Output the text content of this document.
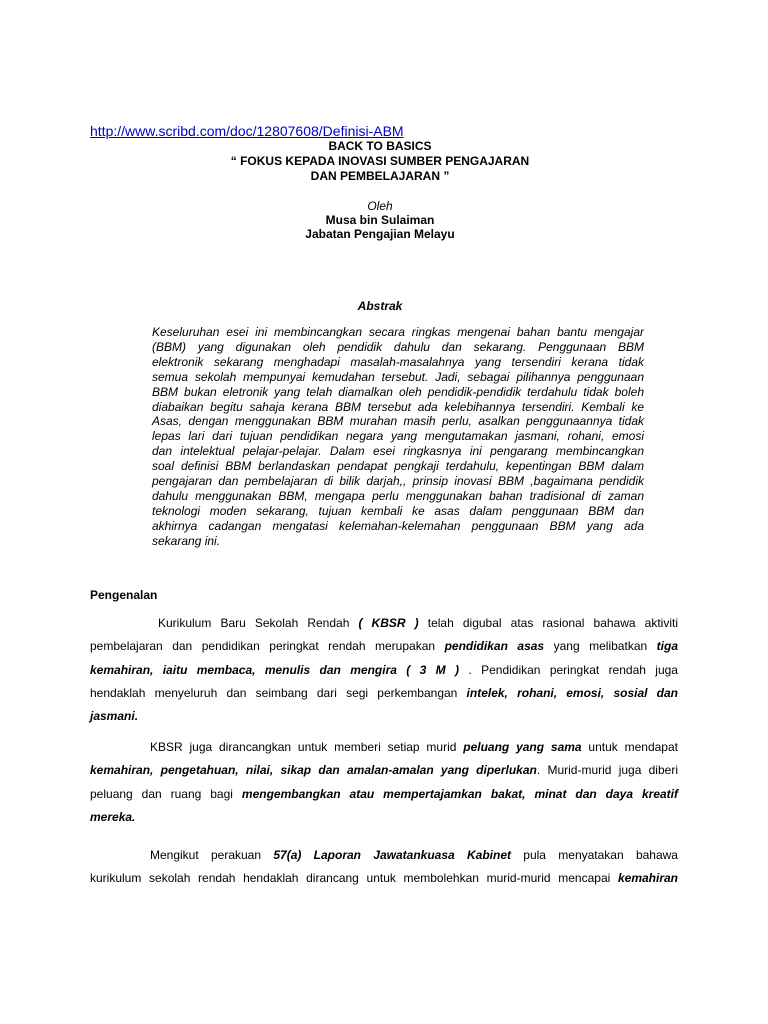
http://www.scribd.com/doc/12807608/Definisi-ABM
BACK TO BASICS
“ FOKUS KEPADA INOVASI SUMBER PENGAJARAN
DAN PEMBELAJARAN ”
Oleh
Musa bin Sulaiman
Jabatan Pengajian Melayu
Abstrak
Keseluruhan esei ini membincangkan secara ringkas mengenai bahan bantu mengajar
(BBM) yang digunakan oleh pendidik dahulu dan sekarang. Penggunaan BBM
elektronik sekarang menghadapi masalah-masalahnya yang tersendiri kerana tidak
semua sekolah mempunyai kemudahan tersebut. Jadi, sebagai pilihannya penggunaan
BBM bukan eletronik yang telah diamalkan oleh pendidik-pendidik terdahulu tidak boleh
diabaikan begitu sahaja kerana BBM tersebut ada kelebihannya tersendiri. Kembali ke
Asas, dengan menggunakan BBM murahan masih perlu, asalkan penggunaannya tidak
lepas lari dari tujuan pendidikan negara yang mengutamakan jasmani, rohani, emosi
dan intelektual pelajar-pelajar. Dalam esei ringkasnya ini pengarang membincangkan
soal definisi BBM berlandaskan pendapat pengkaji terdahulu, kepentingan BBM dalam
pengajaran dan pembelajaran di bilik darjah,, prinsip inovasi BBM ,bagaimana pendidik
dahulu menggunakan BBM, mengapa perlu menggunakan bahan tradisional di zaman
teknologi moden sekarang, tujuan kembali ke asas dalam penggunaan BBM dan
akhirnya cadangan mengatasi kelemahan-kelemahan penggunaan BBM yang ada
sekarang ini.
Pengenalan
Kurikulum Baru Sekolah Rendah ( KBSR ) telah digubal atas rasional bahawa aktiviti
pembelajaran dan pendidikan peringkat rendah merupakan pendidikan asas yang melibatkan tiga
kemahiran, iaitu membaca, menulis dan mengira ( 3 M ) . Pendidikan peringkat rendah juga
hendaklah menyeluruh dan seimbang dari segi perkembangan intelek, rohani, emosi, sosial dan
jasmani.
KBSR juga dirancangkan untuk memberi setiap murid peluang yang sama untuk mendapat
kemahiran, pengetahuan, nilai, sikap dan amalan-amalan yang diperlukan. Murid-murid juga diberi
peluang dan ruang bagi mengembangkan atau mempertajamkan bakat, minat dan daya kreatif
mereka.
Mengikut perakuan 57(a) Laporan Jawatankuasa Kabinet pula menyatakan bahawa
kurikulum sekolah rendah hendaklah dirancang untuk membolehkan murid-murid mencapai kemahiran
